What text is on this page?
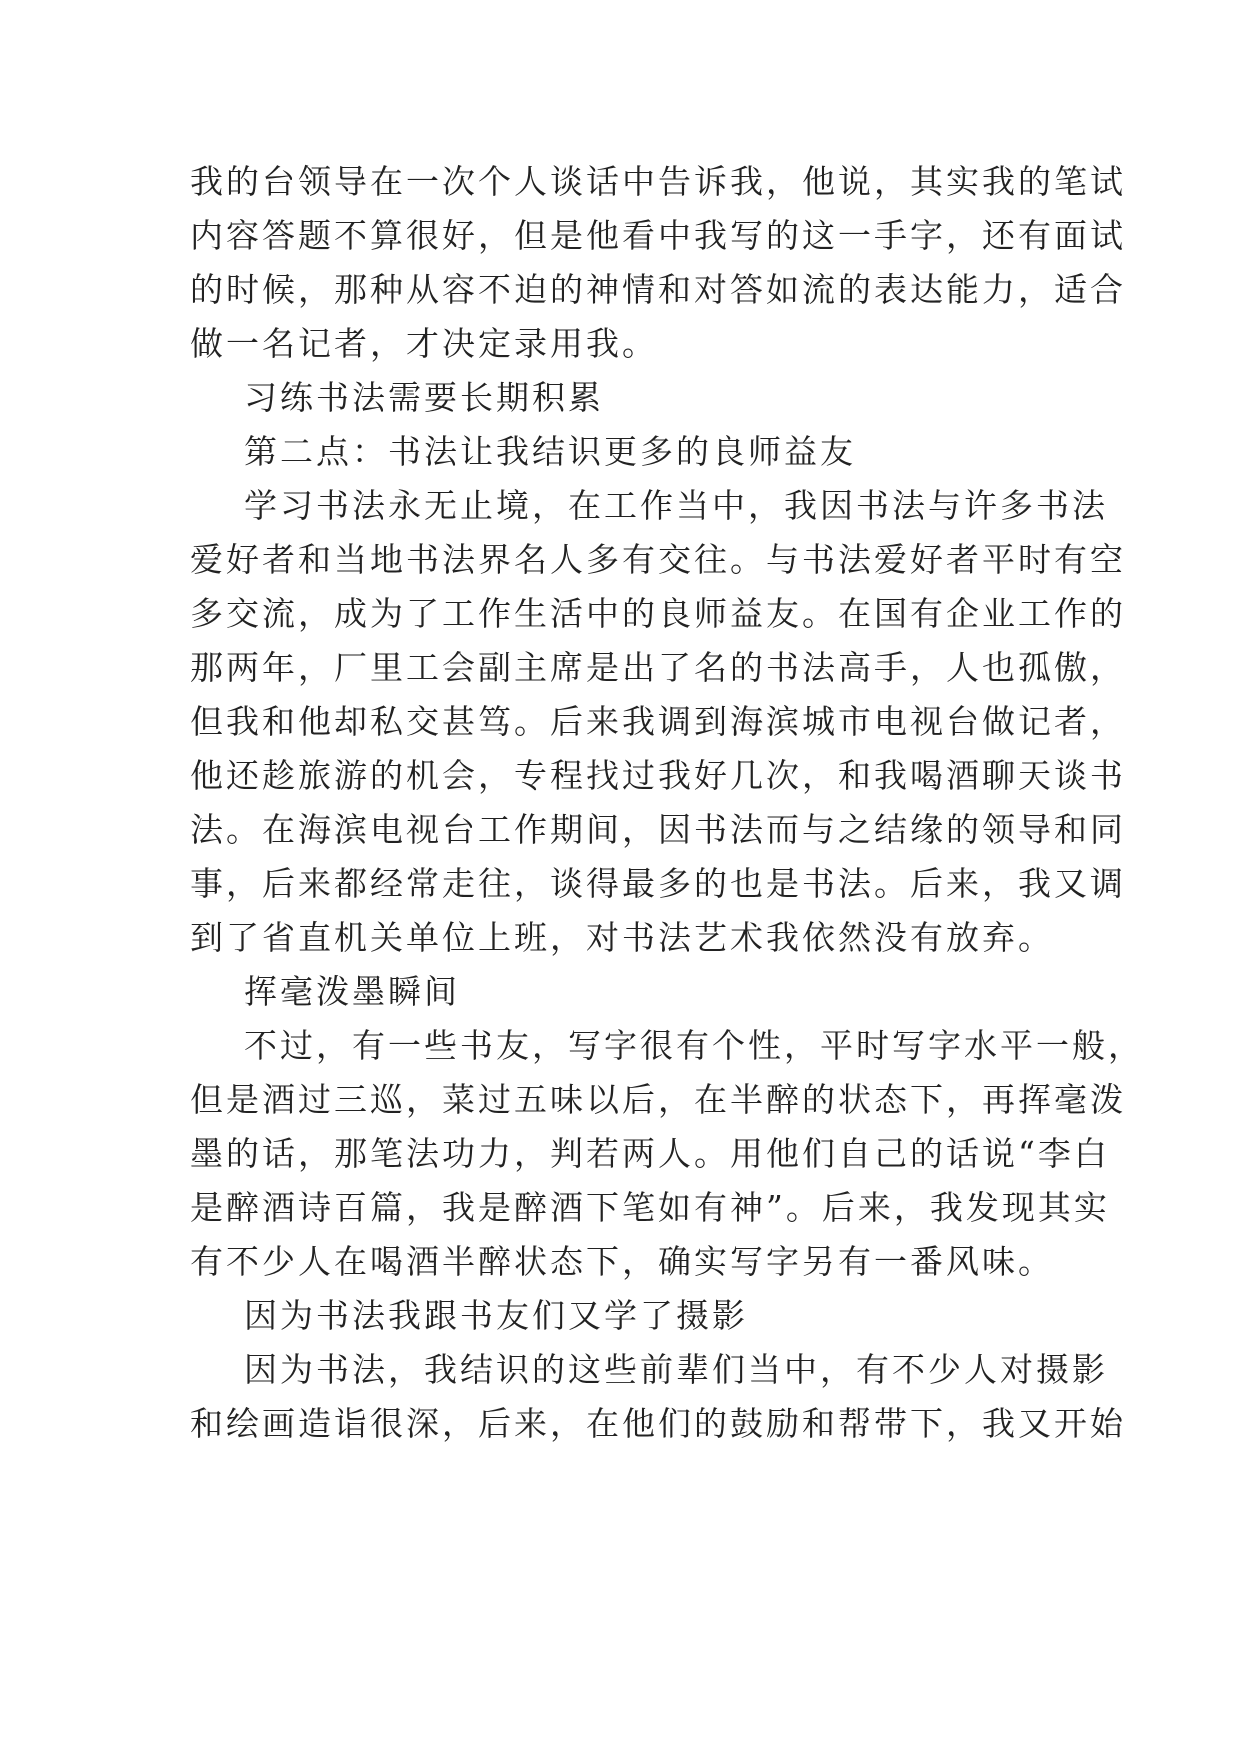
我的台领导在一次个人谈话中告诉我，他说，其实我的笔试
内容答题不算很好，但是他看中我写的这一手字，还有面试
的时候，那种从容不迫的神情和对答如流的表达能力，适合
做一名记者，才决定录用我。
习练书法需要长期积累
第二点：书法让我结识更多的良师益友
学习书法永无止境，在工作当中，我因书法与许多书法
爱好者和当地书法界名人多有交往。与书法爱好者平时有空
多交流，成为了工作生活中的良师益友。在国有企业工作的
那两年，厂里工会副主席是出了名的书法高手，人也孤傲，
但我和他却私交甚笃。后来我调到海滨城市电视台做记者，
他还趁旅游的机会，专程找过我好几次，和我喝酒聊天谈书
法。在海滨电视台工作期间，因书法而与之结缘的领导和同
事，后来都经常走往，谈得最多的也是书法。后来，我又调
到了省直机关单位上班，对书法艺术我依然没有放弃。
挥毫泼墨瞬间
不过，有一些书友，写字很有个性，平时写字水平一般，
但是酒过三巡，菜过五味以后，在半醉的状态下，再挥毫泼
墨的话，那笔法功力，判若两人。用他们自己的话说“李白
是醉酒诗百篇，我是醉酒下笔如有神”。后来，我发现其实
有不少人在喝酒半醉状态下，确实写字另有一番风味。
因为书法我跟书友们又学了摄影
因为书法，我结识的这些前辈们当中，有不少人对摄影
和绘画造诣很深，后来，在他们的鼓励和帮带下，我又开始
